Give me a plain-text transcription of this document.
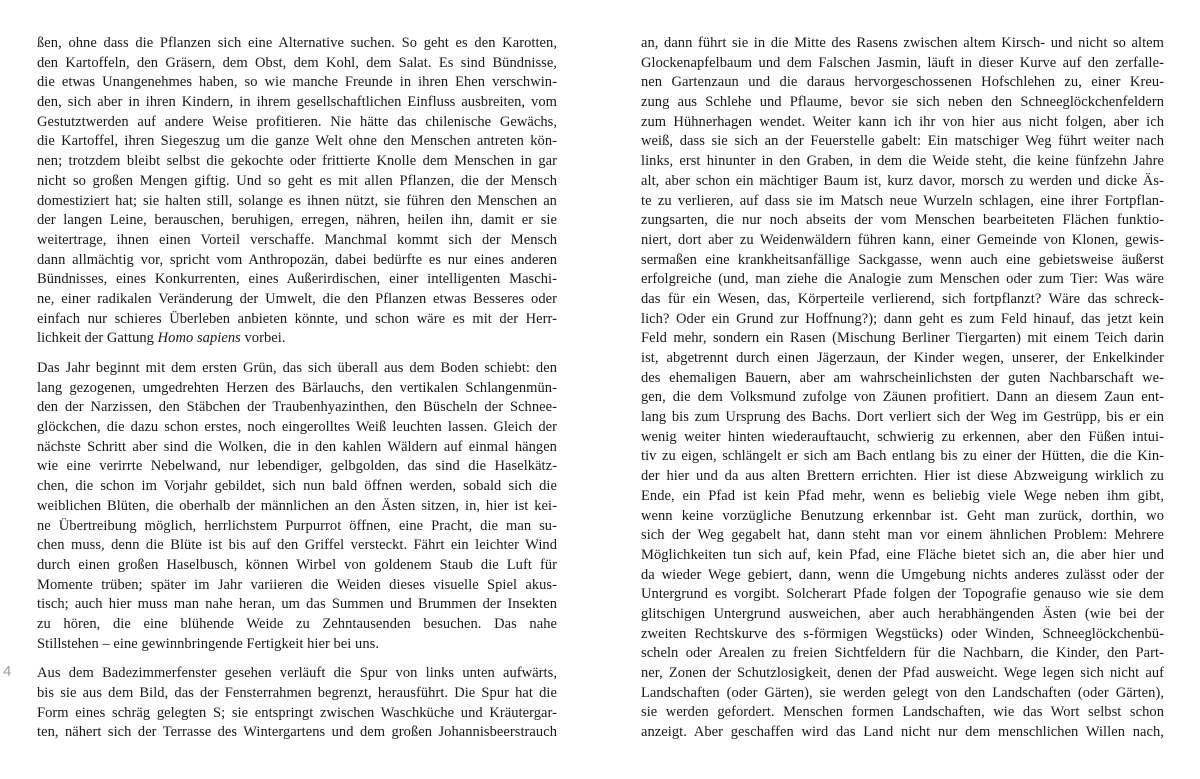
4
ßen, ohne dass die Pflanzen sich eine Alternative suchen. So geht es den Karotten,
den Kartoffeln, den Gräsern, dem Obst, dem Kohl, dem Salat. Es sind Bündnisse,
die etwas Unangenehmes haben, so wie manche Freunde in ihren Ehen verschwin-
den, sich aber in ihren Kindern, in ihrem gesellschaftlichen Einfluss ausbreiten, vom
Gestutztwerden auf andere Weise profitieren. Nie hätte das chilenische Gewächs,
die Kartoffel, ihren Siegeszug um die ganze Welt ohne den Menschen antreten kön-
nen; trotzdem bleibt selbst die gekochte oder frittierte Knolle dem Menschen in gar
nicht so großen Mengen giftig. Und so geht es mit allen Pflanzen, die der Mensch
domestiziert hat; sie halten still, solange es ihnen nützt, sie führen den Menschen an
der langen Leine, berauschen, beruhigen, erregen, nähren, heilen ihn, damit er sie
weitertrage, ihnen einen Vorteil verschaffe. Manchmal kommt sich der Mensch
dann allmächtig vor, spricht vom Anthropozän, dabei bedürfte es nur eines anderen
Bündnisses, eines Konkurrenten, eines Außerirdischen, einer intelligenten Maschi-
ne, einer radikalen Veränderung der Umwelt, die den Pflanzen etwas Besseres oder
einfach nur schieres Überleben anbieten könnte, und schon wäre es mit der Herr-
lichkeit der Gattung Homo sapiens vorbei.
Das Jahr beginnt mit dem ersten Grün, das sich überall aus dem Boden schiebt: den
lang gezogenen, umgedrehten Herzen des Bärlauchs, den vertikalen Schlangenmün-
den der Narzissen, den Stäbchen der Traubenhyazinthen, den Büscheln der Schnee-
glöckchen, die dazu schon erstes, noch eingerolltes Weiß leuchten lassen. Gleich der
nächste Schritt aber sind die Wolken, die in den kahlen Wäldern auf einmal hängen
wie eine verirrte Nebelwand, nur lebendiger, gelbgolden, das sind die Haselkätz-
chen, die schon im Vorjahr gebildet, sich nun bald öffnen werden, sobald sich die
weiblichen Blüten, die oberhalb der männlichen an den Ästen sitzen, in, hier ist kei-
ne Übertreibung möglich, herrlichstem Purpurrot öffnen, eine Pracht, die man su-
chen muss, denn die Blüte ist bis auf den Griffel versteckt. Fährt ein leichter Wind
durch einen großen Haselbusch, können Wirbel von goldenem Staub die Luft für
Momente trüben; später im Jahr variieren die Weiden dieses visuelle Spiel akus-
tisch; auch hier muss man nahe heran, um das Summen und Brummen der Insekten
zu hören, die eine blühende Weide zu Zehntausenden besuchen. Das nahe
Stillstehen – eine gewinnbringende Fertigkeit hier bei uns.
Aus dem Badezimmerfenster gesehen verläuft die Spur von links unten aufwärts,
bis sie aus dem Bild, das der Fensterrahmen begrenzt, herausführt. Die Spur hat die
Form eines schräg gelegten S; sie entspringt zwischen Waschküche und Kräutergar-
ten, nähert sich der Terrasse des Wintergartens und dem großen Johannisbeerstrauch
an, dann führt sie in die Mitte des Rasens zwischen altem Kirsch- und nicht so altem
Glockenapfelbaum und dem Falschen Jasmin, läuft in dieser Kurve auf den zerfalle-
nen Gartenzaun und die daraus hervorgeschossenen Hofschlehen zu, einer Kreu-
zung aus Schlehe und Pflaume, bevor sie sich neben den Schneeglöckchenfeldern
zum Hühnerhagen wendet. Weiter kann ich ihr von hier aus nicht folgen, aber ich
weiß, dass sie sich an der Feuerstelle gabelt: Ein matschiger Weg führt weiter nach
links, erst hinunter in den Graben, in dem die Weide steht, die keine fünfzehn Jahre
alt, aber schon ein mächtiger Baum ist, kurz davor, morsch zu werden und dicke Äs-
te zu verlieren, auf dass sie im Matsch neue Wurzeln schlagen, eine ihrer Fortpflan-
zungsarten, die nur noch abseits der vom Menschen bearbeiteten Flächen funktio-
niert, dort aber zu Weidenwäldern führen kann, einer Gemeinde von Klonen, gewis-
sermaßen eine krankheitsanfällige Sackgasse, wenn auch eine gebietsweise äußerst
erfolgreiche (und, man ziehe die Analogie zum Menschen oder zum Tier: Was wäre
das für ein Wesen, das, Körperteile verlierend, sich fortpflanzt? Wäre das schreck-
lich? Oder ein Grund zur Hoffnung?); dann geht es zum Feld hinauf, das jetzt kein
Feld mehr, sondern ein Rasen (Mischung Berliner Tiergarten) mit einem Teich darin
ist, abgetrennt durch einen Jägerzaun, der Kinder wegen, unserer, der Enkelkinder
des ehemaligen Bauern, aber am wahrscheinlichsten der guten Nachbarschaft we-
gen, die dem Volksmund zufolge von Zäunen profitiert. Dann an diesem Zaun ent-
lang bis zum Ursprung des Bachs. Dort verliert sich der Weg im Gestrüpp, bis er ein
wenig weiter hinten wiederauftaucht, schwierig zu erkennen, aber den Füßen intui-
tiv zu eigen, schlängelt er sich am Bach entlang bis zu einer der Hütten, die die Kin-
der hier und da aus alten Brettern errichten. Hier ist diese Abzweigung wirklich zu
Ende, ein Pfad ist kein Pfad mehr, wenn es beliebig viele Wege neben ihm gibt,
wenn keine vorzügliche Benutzung erkennbar ist. Geht man zurück, dorthin, wo
sich der Weg gegabelt hat, dann steht man vor einem ähnlichen Problem: Mehrere
Möglichkeiten tun sich auf, kein Pfad, eine Fläche bietet sich an, die aber hier und
da wieder Wege gebiert, dann, wenn die Umgebung nichts anderes zulässt oder der
Untergrund es vorgibt. Solcherart Pfade folgen der Topografie genauso wie sie dem
glitschigen Untergrund ausweichen, aber auch herabhängenden Ästen (wie bei der
zweiten Rechtskurve des s-förmigen Wegstücks) oder Winden, Schneeglöckchenbü-
scheln oder Arealen zu freien Sichtfeldern für die Nachbarn, die Kinder, den Part-
ner, Zonen der Schutzlosigkeit, denen der Pfad ausweicht. Wege legen sich nicht auf
Landschaften (oder Gärten), sie werden gelegt von den Landschaften (oder Gärten),
sie werden gefordert. Menschen formen Landschaften, wie das Wort selbst schon
anzeigt. Aber geschaffen wird das Land nicht nur dem menschlichen Willen nach,
